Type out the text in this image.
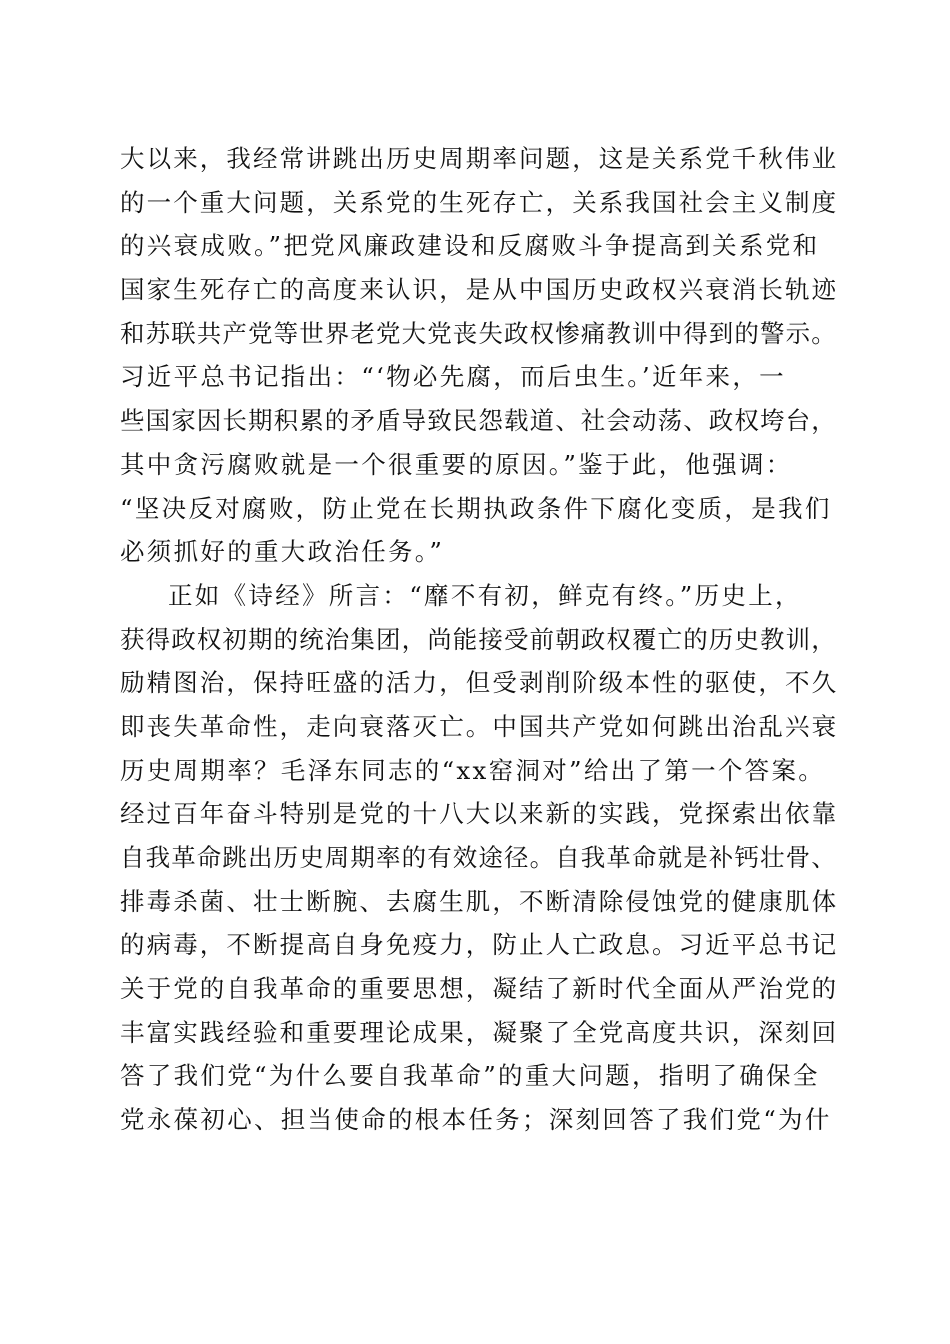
大以来，我经常讲跳出历史周期率问题，这是关系党千秋伟业
的一个重大问题，关系党的生死存亡，关系我国社会主义制度
的兴衰成败。”把党风廉政建设和反腐败斗争提高到关系党和
国家生死存亡的高度来认识，是从中国历史政权兴衰消长轨迹
和苏联共产党等世界老党大党丧失政权惨痛教训中得到的警示。
习近平总书记指出：“‘物必先腐，而后虫生。’近年来，一
些国家因长期积累的矛盾导致民怨载道、社会动荡、政权垮台，
其中贪污腐败就是一个很重要的原因。”鉴于此，他强调：
“坚决反对腐败，防止党在长期执政条件下腐化变质，是我们
必须抓好的重大政治任务。”
正如《诗经》所言：“靡不有初，鲜克有终。”历史上，
获得政权初期的统治集团，尚能接受前朝政权覆亡的历史教训，
励精图治，保持旺盛的活力，但受剥削阶级本性的驱使，不久
即丧失革命性，走向衰落灭亡。中国共产党如何跳出治乱兴衰
历史周期率？毛泽东同志的“xx窑洞对”给出了第一个答案。
经过百年奋斗特别是党的十八大以来新的实践，党探索出依靠
自我革命跳出历史周期率的有效途径。自我革命就是补钙壮骨、
排毒杀菌、壮士断腕、去腐生肌，不断清除侵蚀党的健康肌体
的病毒，不断提高自身免疫力，防止人亡政息。习近平总书记
关于党的自我革命的重要思想，凝结了新时代全面从严治党的
丰富实践经验和重要理论成果，凝聚了全党高度共识，深刻回
答了我们党“为什么要自我革命”的重大问题，指明了确保全
党永葆初心、担当使命的根本任务；深刻回答了我们党“为什
